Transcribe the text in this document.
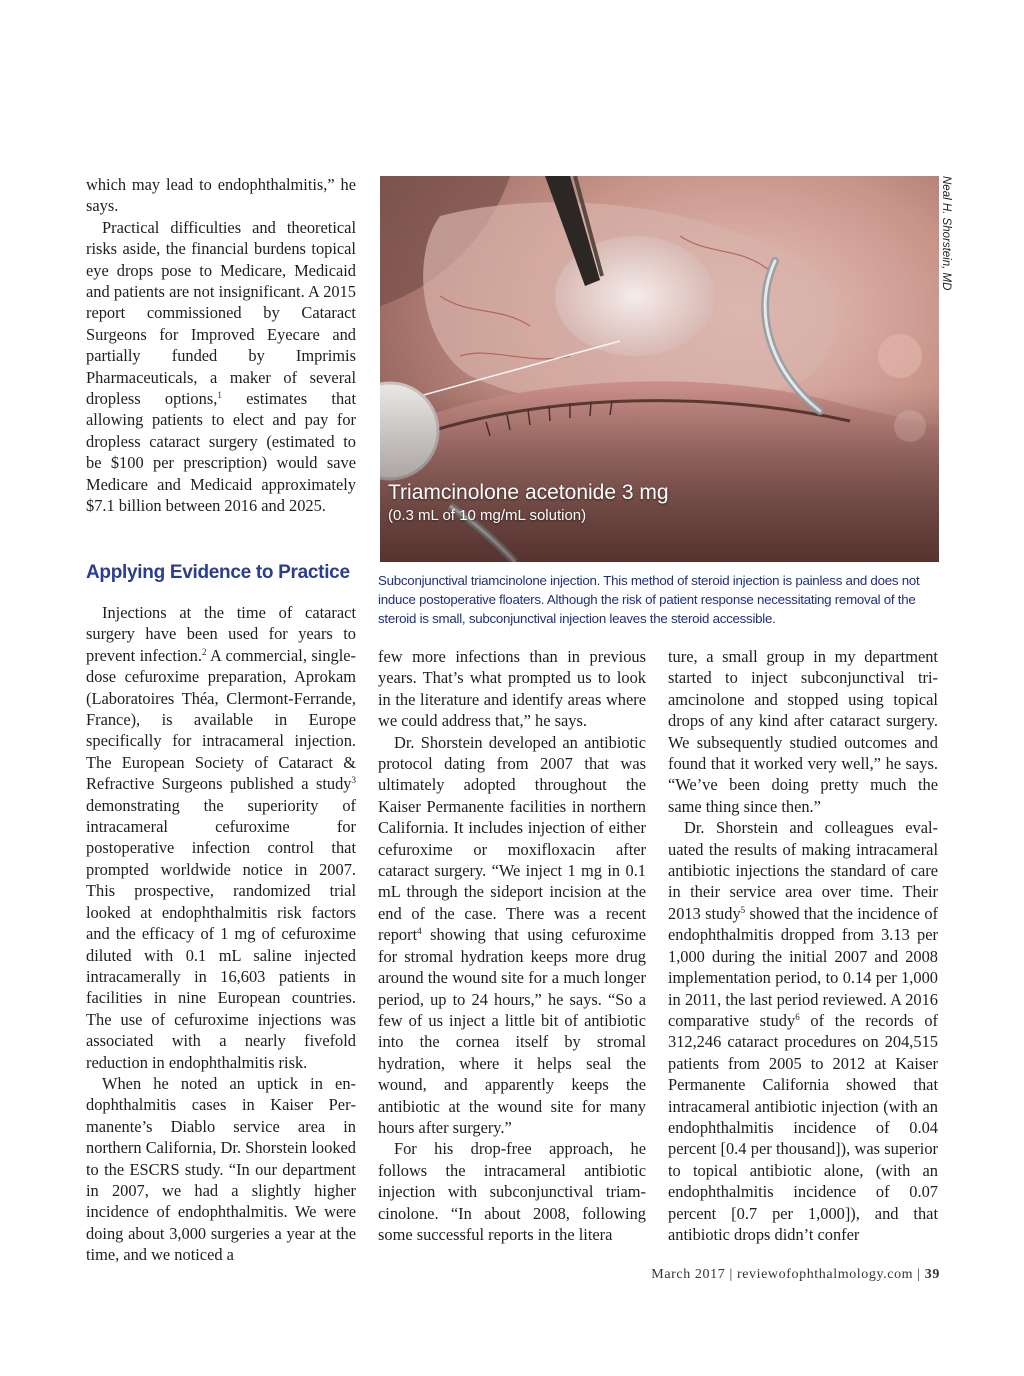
which may lead to endophthalmitis,” he says.

Practical difficulties and theoretical risks aside, the financial burdens topical eye drops pose to Medicare, Medicaid and patients are not insignificant. A 2015 report commissioned by Cataract Surgeons for Improved Eyecare and partially funded by Imprimis Pharmaceuticals, a maker of several dropless options,$^1$ estimates that allowing patients to elect and pay for dropless cataract surgery (estimated to be $100 per prescription) would save Medicare and Medicaid approximately $7.1 billion between 2016 and 2025.

Applying Evidence to Practice

Injections at the time of cataract surgery have been used for years to prevent infection.$^2$ A commercial, single-dose cefuroxime preparation, Aprokam (Laboratoires Théa, Clermont-Ferrande, France), is available in Europe specifically for intracameral injection. The European Society of Cataract & Refractive Surgeons published a study$^3$ demonstrating the superiority of intracameral cefuroxime for postoperative infection control that prompted worldwide notice in 2007. This prospective, randomized trial looked at endophthalmitis risk factors and the efficacy of 1 mg of cefuroxime diluted with 0.1 mL saline injected intracamerally in 16,603 patients in facilities in nine European countries. The use of cefuroxime injections was associated with a nearly fivefold reduction in endophthalmitis risk.

When he noted an uptick in endophthalmitis cases in Kaiser Permanente’s Diablo service area in northern California, Dr. Shorstein looked to the ESCRS study. “In our department in 2007, we had a slightly higher incidence of endophthalmitis. We were doing about 3,000 surgeries a year at the time, and we noticed a

Triamcinolone acetonide 3 mg
(0.3 mL of 10 mg/mL solution)
Neal H. Shorstein, MD
Subconjunctival triamcinolone injection. This method of steroid injection is painless and does not induce postoperative floaters. Although the risk of patient response necessitating removal of the steroid is small, subconjunctival injection leaves the steroid accessible.

few more infections than in previous years. That’s what prompted us to look in the literature and identify areas where we could address that,” he says.

Dr. Shorstein developed an antibiotic protocol dating from 2007 that was ultimately adopted throughout the Kaiser Permanente facilities in northern California. It includes injection of either cefuroxime or moxifloxacin after cataract surgery. “We inject 1 mg in 0.1 mL through the sideport incision at the end of the case. There was a recent report$^4$ showing that using cefuroxime for stromal hydration keeps more drug around the wound site for a much longer period, up to 24 hours,” he says. “So a few of us inject a little bit of antibiotic into the cornea itself by stromal hydration, where it helps seal the wound, and apparently keeps the antibiotic at the wound site for many hours after surgery.”

For his drop-free approach, he follows the intracameral antibiotic injection with subconjunctival triamcinolone. “In about 2008, following some successful reports in the litera

ture, a small group in my department started to inject subconjunctival triamcinolone and stopped using topical drops of any kind after cataract surgery. We subsequently studied outcomes and found that it worked very well,” he says. “We’ve been doing pretty much the same thing since then.”

Dr. Shorstein and colleagues evaluated the results of making intracameral antibiotic injections the standard of care in their service area over time. Their 2013 study$^5$ showed that the incidence of endophthalmitis dropped from 3.13 per 1,000 during the initial 2007 and 2008 implementation period, to 0.14 per 1,000 in 2011, the last period reviewed. A 2016 comparative study$^6$ of the records of 312,246 cataract procedures on 204,515 patients from 2005 to 2012 at Kaiser Permanente California showed that intracameral antibiotic injection (with an endophthalmitis incidence of 0.04 percent [0.4 per thousand]), was superior to topical antibiotic alone, (with an endophthalmitis incidence of 0.07 percent [0.7 per 1,000]), and that antibiotic drops didn’t confer

March 2017 | reviewofophthalmology.com | 39
